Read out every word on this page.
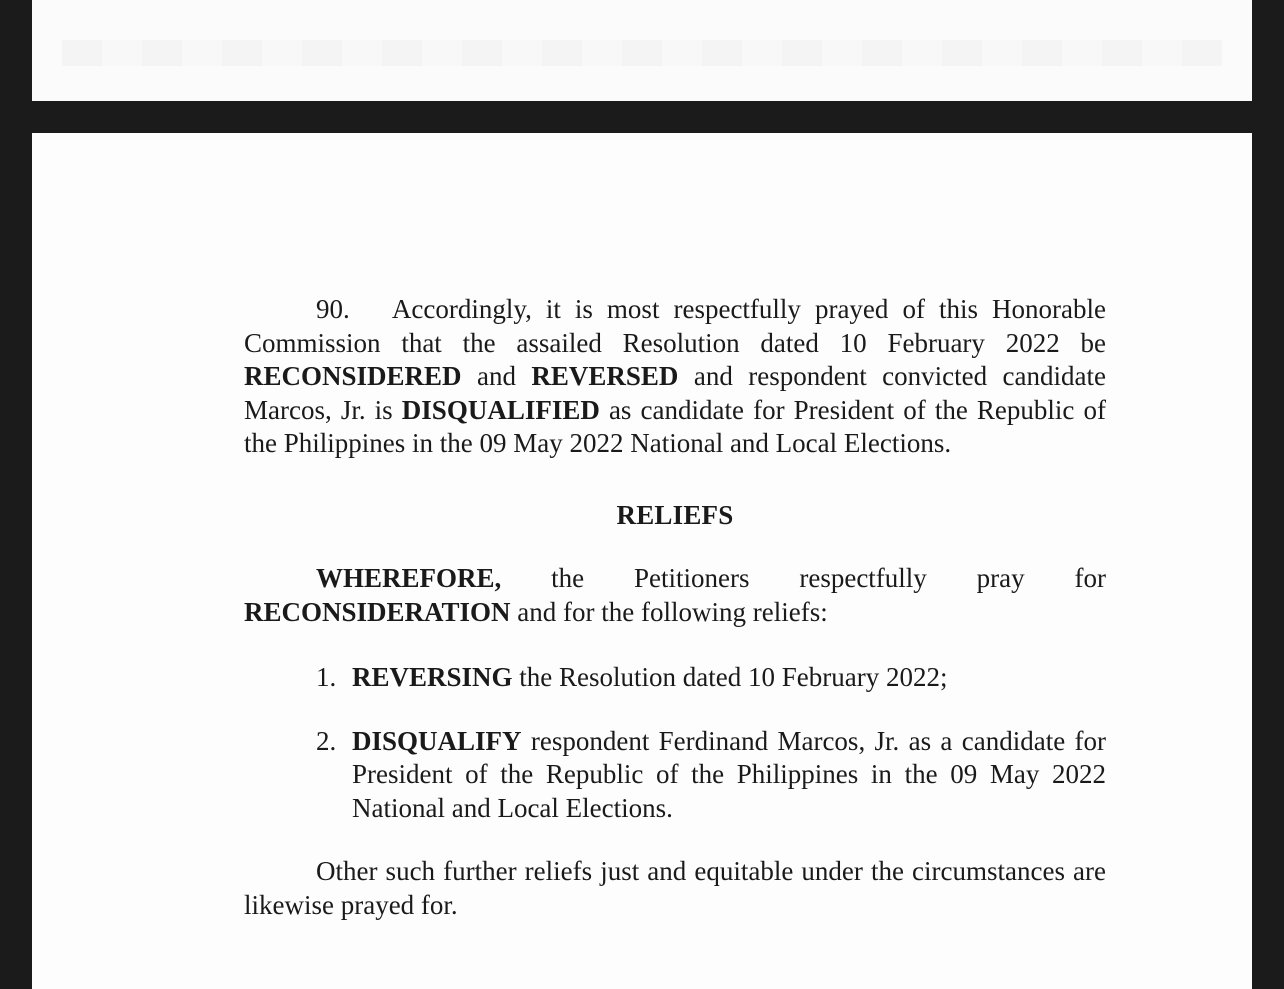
90. Accordingly, it is most respectfully prayed of this Honorable Commission that the assailed Resolution dated 10 February 2022 be RECONSIDERED and REVERSED and respondent convicted candidate Marcos, Jr. is DISQUALIFIED as candidate for President of the Republic of the Philippines in the 09 May 2022 National and Local Elections.

RELIEFS

WHEREFORE, the Petitioners respectfully pray for RECONSIDERATION and for the following reliefs:

1. REVERSING the Resolution dated 10 February 2022;
2. DISQUALIFY respondent Ferdinand Marcos, Jr. as a candidate for President of the Republic of the Philippines in the 09 May 2022 National and Local Elections.

Other such further reliefs just and equitable under the circumstances are likewise prayed for.
